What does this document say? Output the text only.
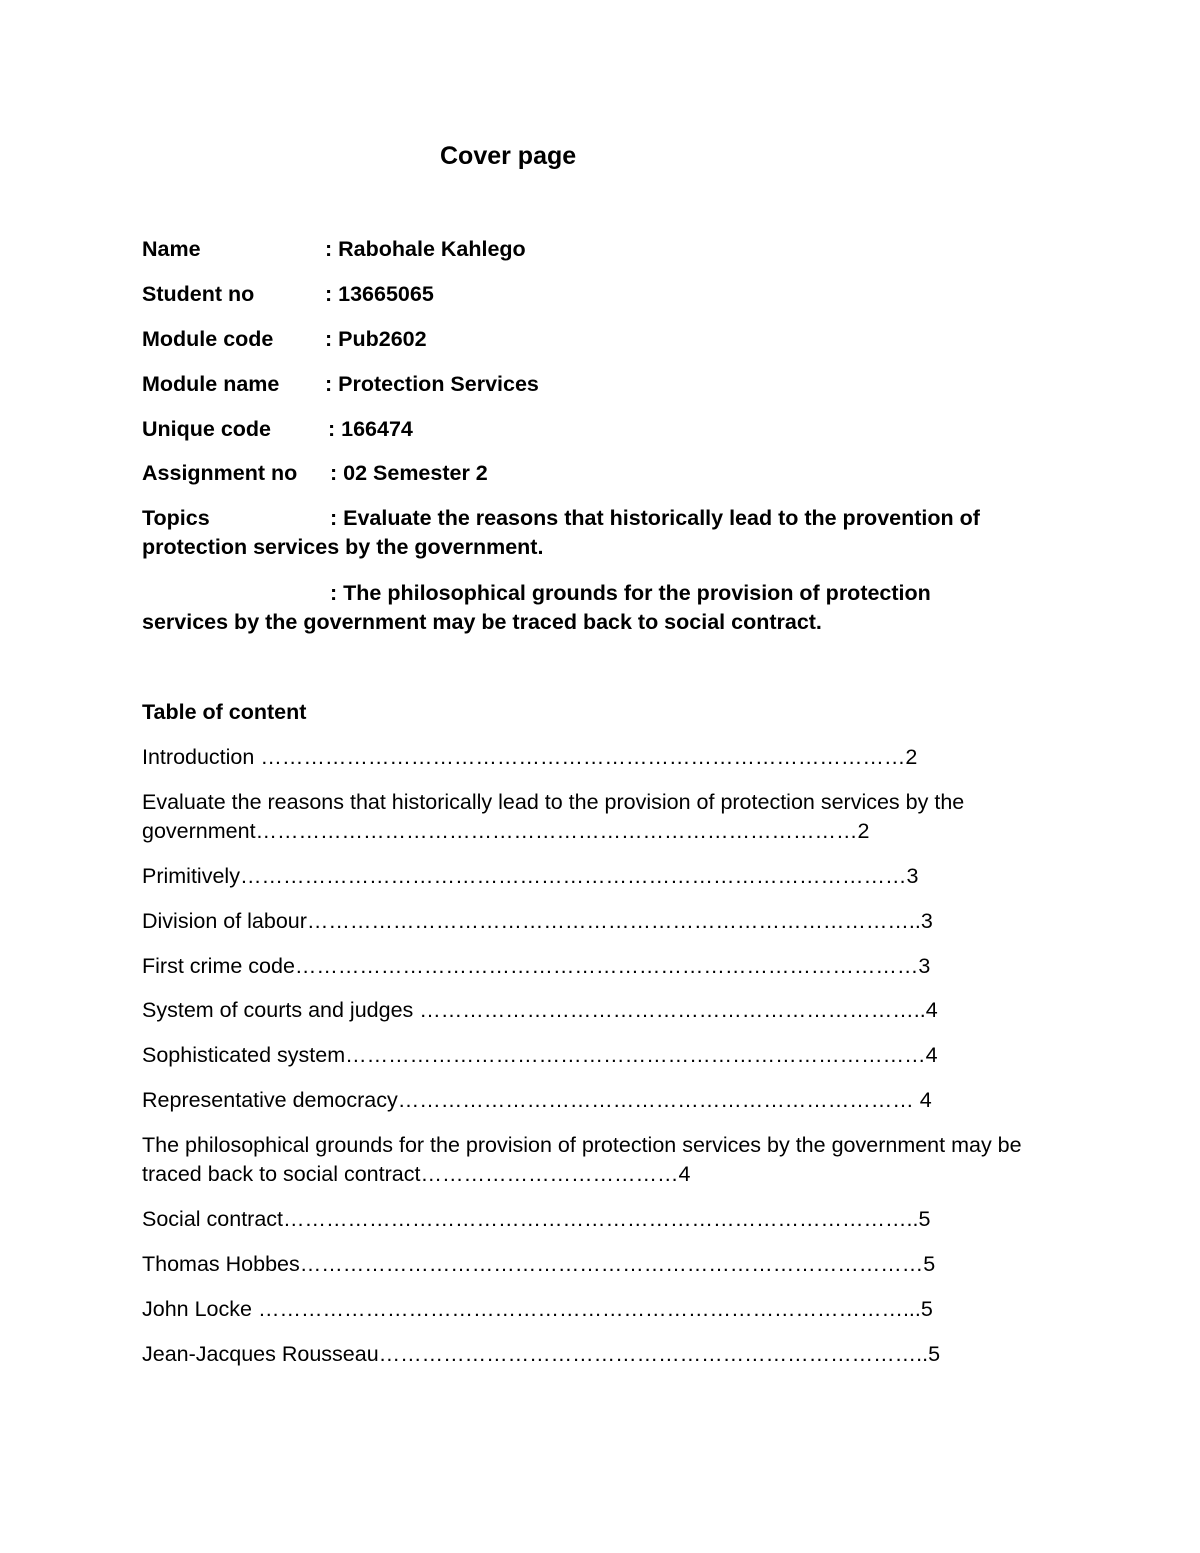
Cover page
Name	: Rabohale Kahlego
Student no	: 13665065
Module code : Pub2602
Module name : Protection Services
Unique code	: 166474
Assignment no : 02 Semester 2
Topics	: Evaluate the reasons that historically lead to the provention of
protection services by the government.
: The philosophical grounds for the provision of protection
services by the government may be traced back to social contract.
Table of content
Introduction ………………………………………………………………………………2
Evaluate the reasons that historically lead to the provision of protection services by the government…………………………………………………………………………2
Primitively…………………………………………………………………………………3
Division of labour…………………………………………………………………………..3
First crime code……………………………………………………………………………3
System of courts and judges ……………………………………………………………..4
Sophisticated system………………………………………………………………………4
Representative democracy……………………………………………………………… 4
The philosophical grounds for the provision of protection services by the government may be traced back to social contract………………………………4
Social contract……………………………………………………………………………..5
Thomas Hobbes……………………………………………………………………………5
John Locke ………………………………………………………………………………...5
Jean-Jacques Rousseau…………………………………………………………………..5
